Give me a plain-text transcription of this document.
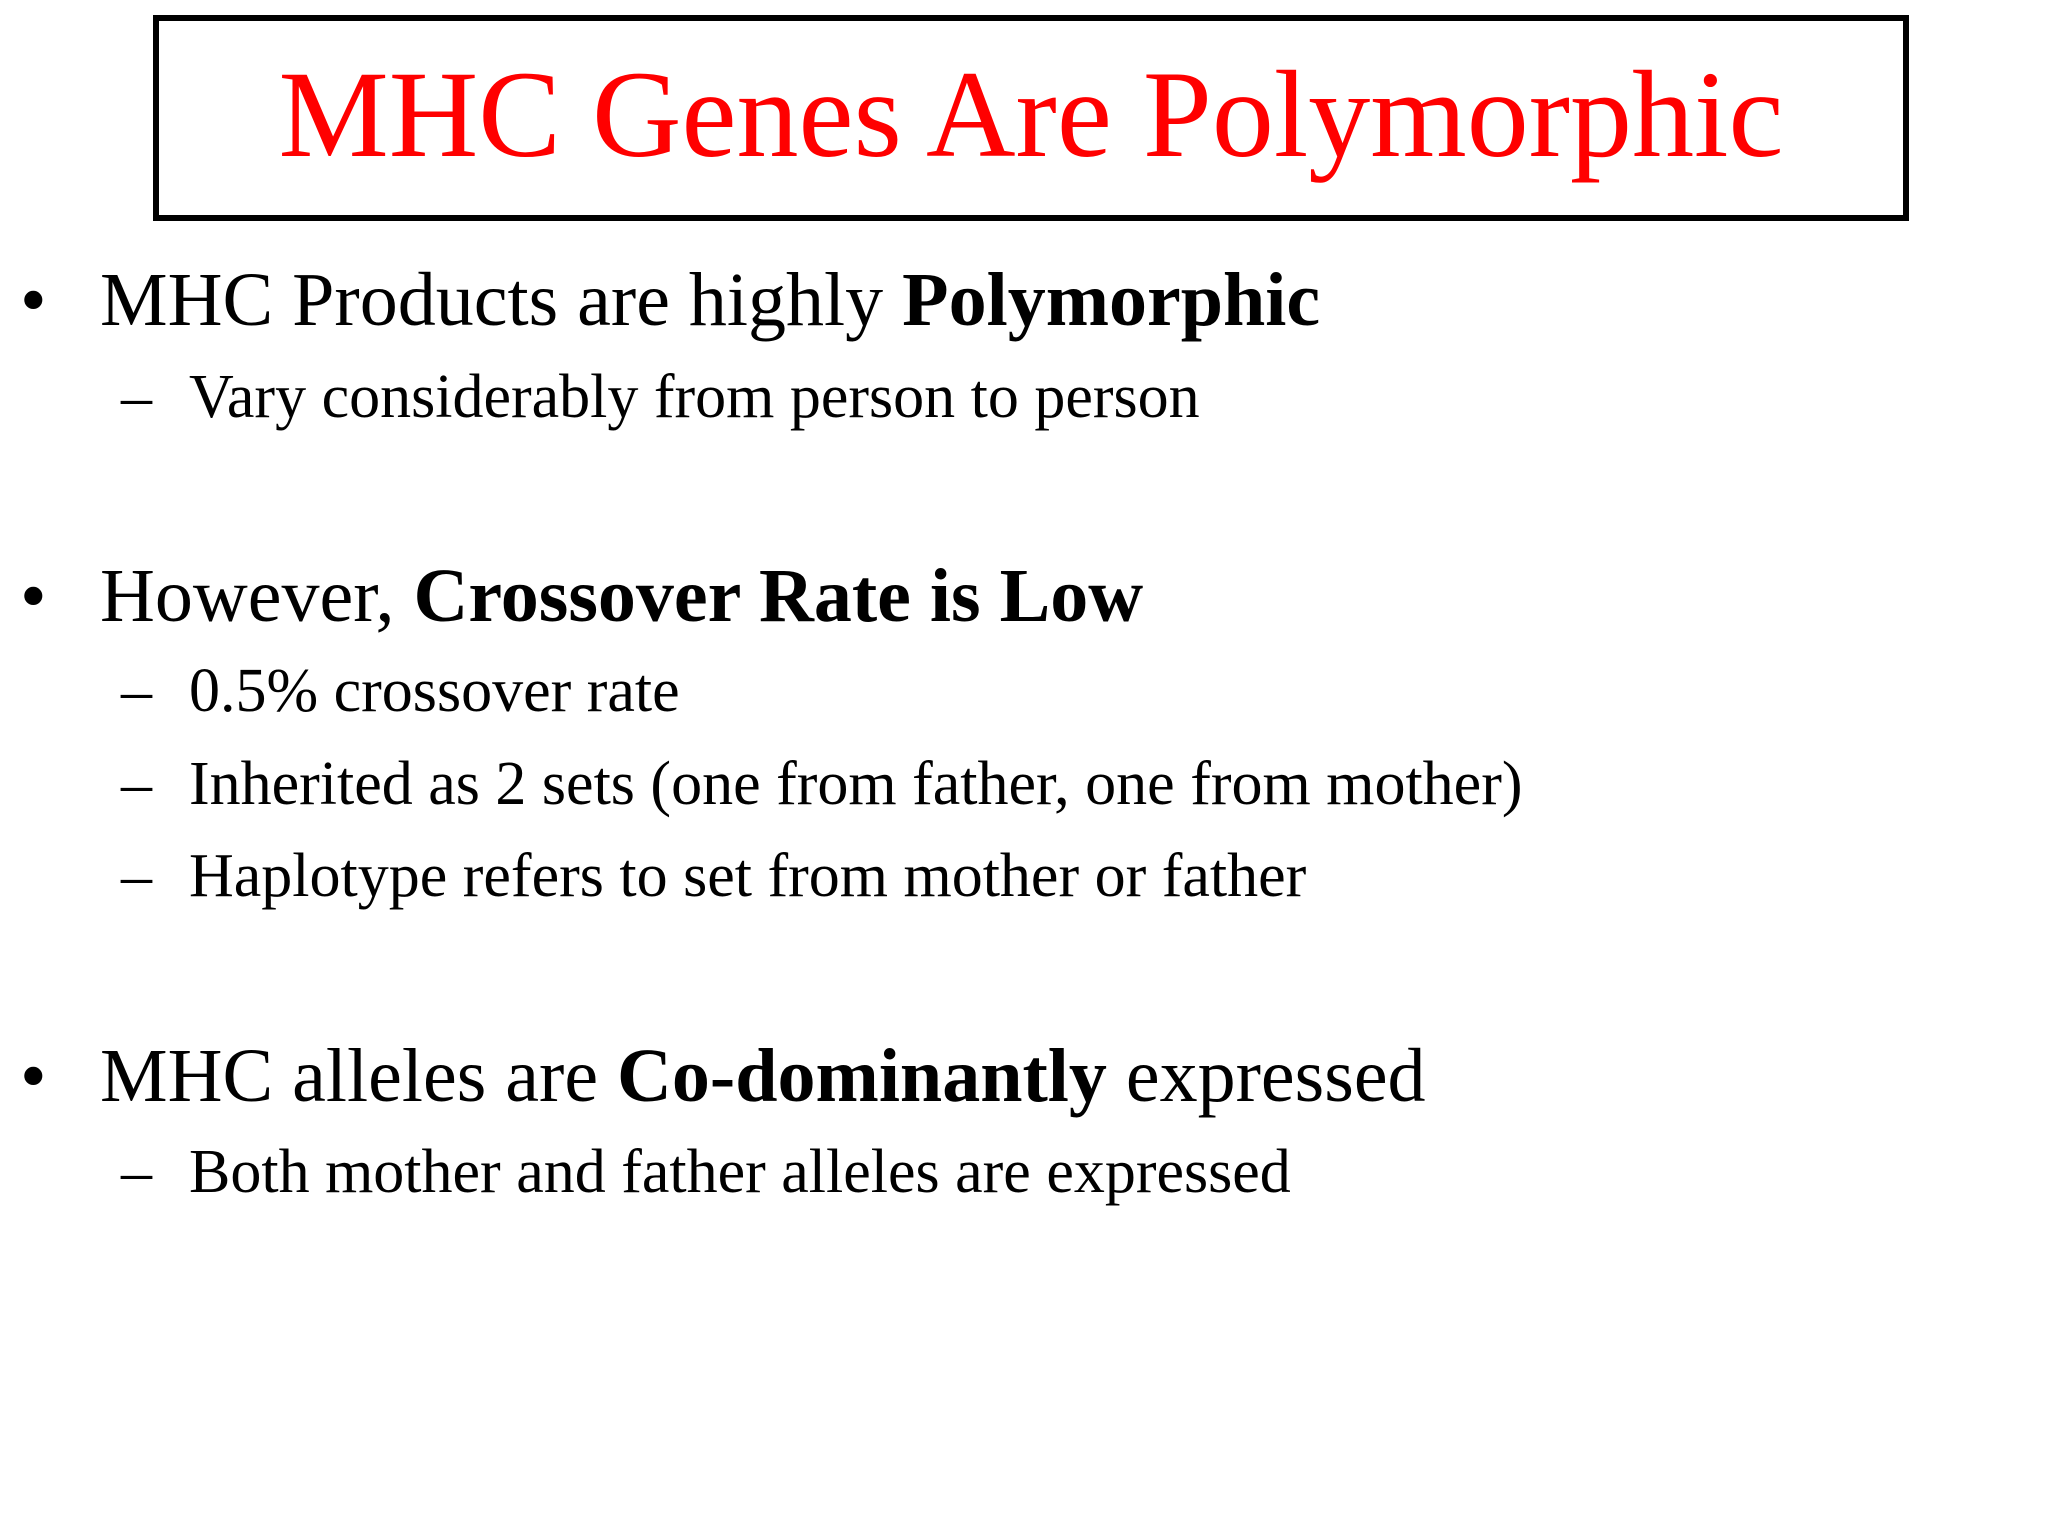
MHC Genes Are Polymorphic
• MHC Products are highly Polymorphic
– Vary considerably from person to person
• However, Crossover Rate is Low
– 0.5% crossover rate
– Inherited as 2 sets (one from father, one from mother)
– Haplotype refers to set from mother or father
• MHC alleles are Co-dominantly expressed
– Both mother and father alleles are expressed
